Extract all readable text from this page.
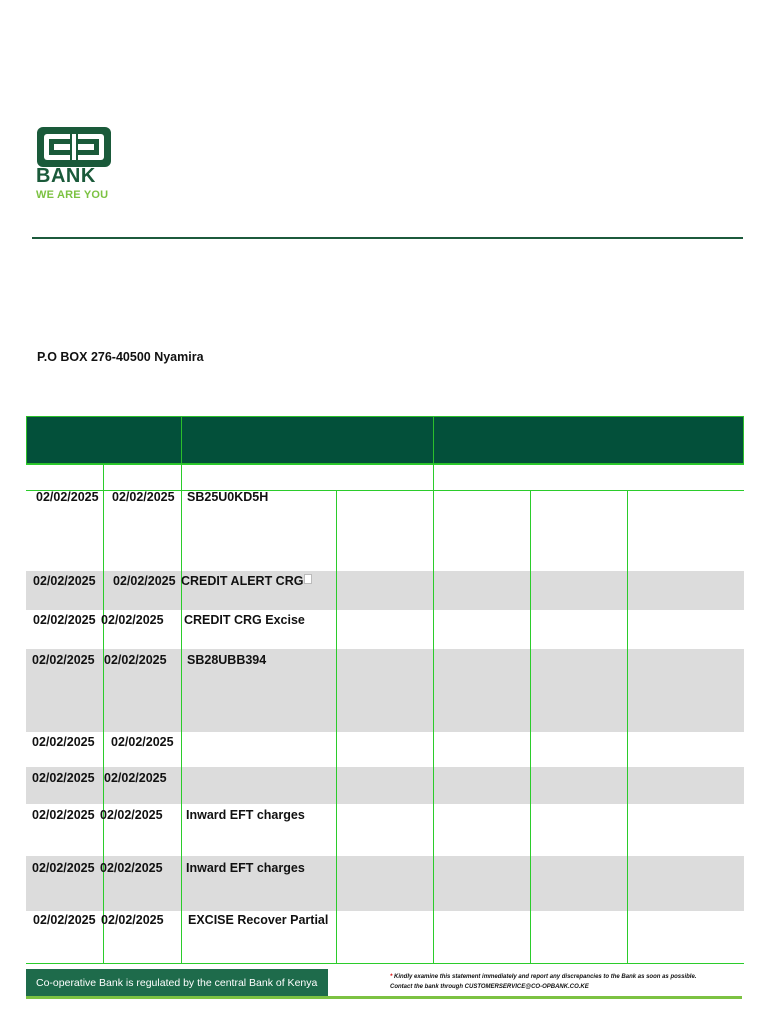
BANK
WE ARE YOU
P.O BOX 276-40500 Nyamira
02/02/2025 02/02/2025 SB25U0KD5H
02/02/2025 02/02/2025 CREDIT ALERT CRG
02/02/2025 02/02/2025 CREDIT CRG Excise
02/02/2025 02/02/2025 SB28UBB394
02/02/2025 02/02/2025
02/02/2025 02/02/2025
02/02/2025 02/02/2025 Inward EFT charges
02/02/2025 02/02/2025 Inward EFT charges
02/02/2025 02/02/2025 EXCISE Recover Partial
Co-operative Bank is regulated by the central Bank of Kenya	* Kindly examine this statement immediately and report any discrepancies to the Bank as soon as possible.
Contact the bank through CUSTOMERSERVICE@CO-OPBANK.CO.KE
